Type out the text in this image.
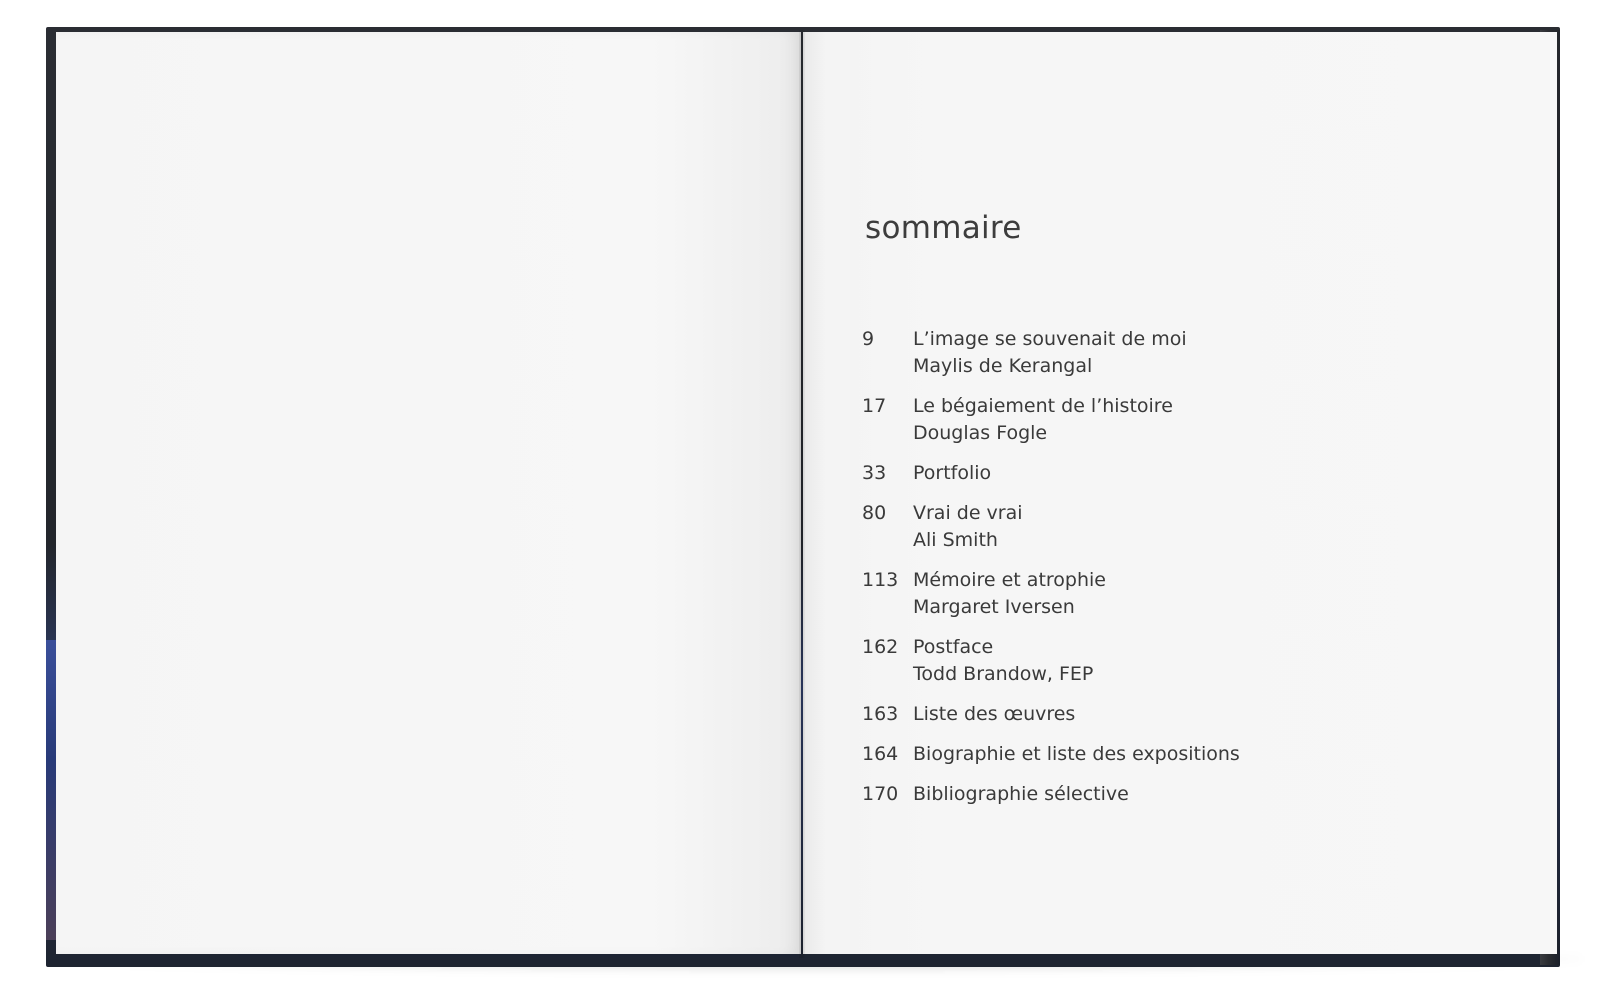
sommaire
9	L’image se souvenait de moi
Maylis de Kerangal
17	Le bégaiement de l’histoire
Douglas Fogle
33	Portfolio
80	Vrai de vrai
Ali Smith
113 Mémoire et atrophie
Margaret Iversen
162 Postface
Todd Brandow, FEP
163 Liste des œuvres
164 Biographie et liste des expositions
170 Bibliographie sélective
